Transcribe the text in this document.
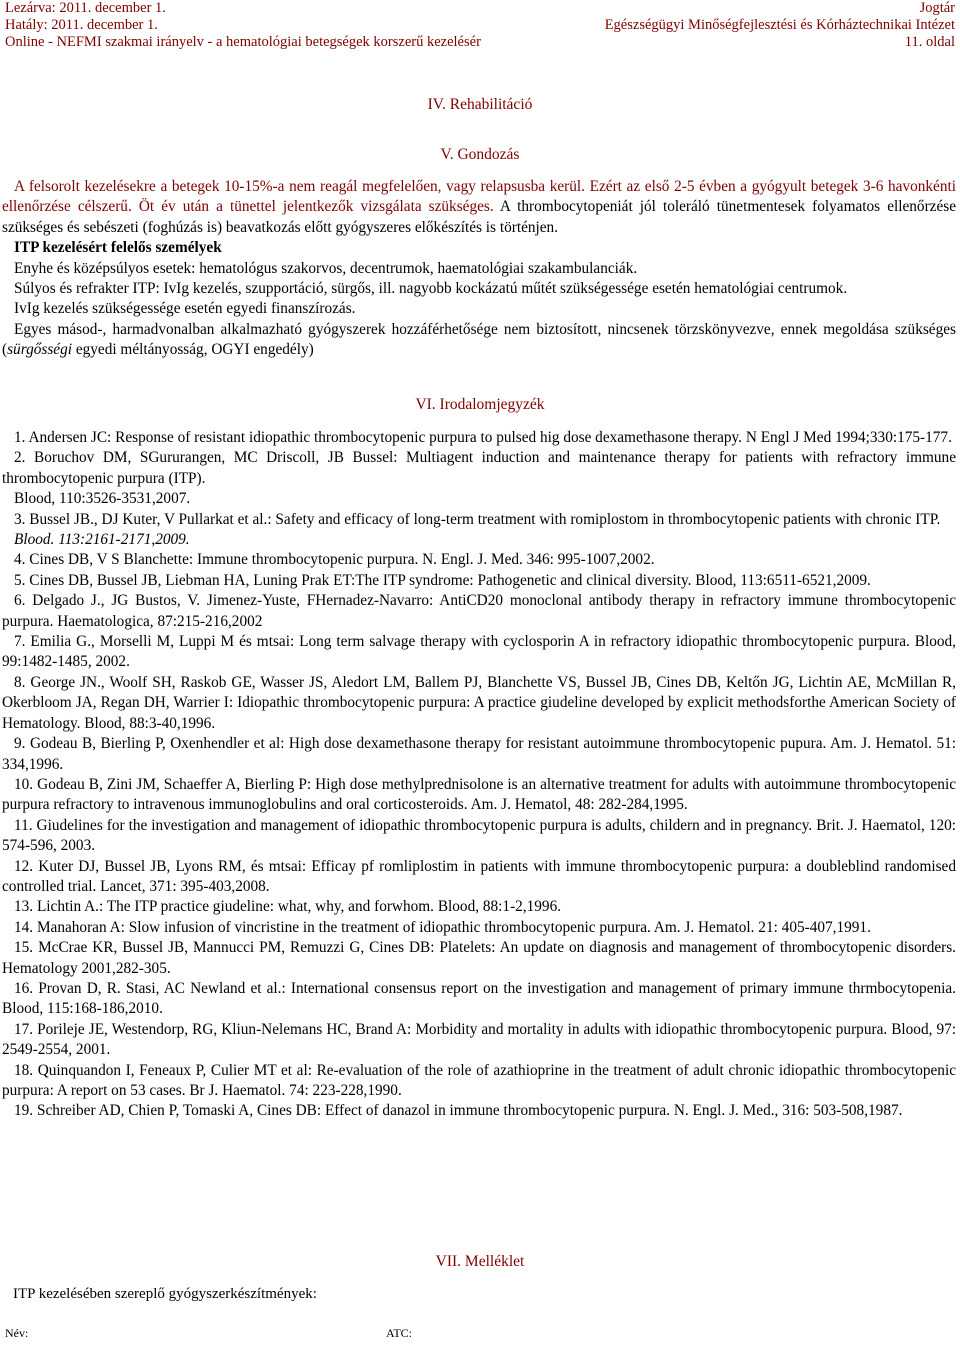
Lezárva: 2011. december 1.
Hatály: 2011. december 1.
Online - NEFMI szakmai irányelv - a hematológiai betegségek korszerű kezelésér
Jogtár
Egészségügyi Minőségfejlesztési és Kórháztechnikai Intézet
11. oldal
IV. Rehabilitáció
V. Gondozás

A felsorolt kezelésekre a betegek 10-15%-a nem reagál megfelelően, vagy relapsusba kerül. Ezért az első 2-5 évben a gyógyult betegek 3-6 havonkénti ellenőrzése célszerű. Öt év után a tünettel jelentkezők vizsgálata szükséges. A thrombocytopeniát jól toleráló tünetmentesek folyamatos ellenőrzése szükséges és sebészeti (foghúzás is) beavatkozás előtt gyógyszeres előkészítés is történjen.

ITP kezelésért felelős személyek

Enyhe és középsúlyos esetek: hematológus szakorvos, decentrumok, haematológiai szakambulanciák.

Súlyos és refrakter ITP: IvIg kezelés, szupportáció, sürgős, ill. nagyobb kockázatú műtét szükségessége esetén hematológiai centrumok.

IvIg kezelés szükségessége esetén egyedi finanszírozás.

Egyes másod-, harmadvonalban alkalmazható gyógyszerek hozzáférhetősége nem biztosított, nincsenek törzskönyvezve, ennek megoldása szükséges (sürgősségi egyedi méltányosság, OGYI engedély)

VI. Irodalomjegyzék

1. Andersen JC: Response of resistant idiopathic thrombocytopenic purpura to pulsed hig dose dexamethasone therapy. N Engl J Med 1994;330:175-177.

2. Boruchov DM, SGururangen, MC Driscoll, JB Bussel: Multiagent induction and maintenance therapy for patients with refractory immune thrombocytopenic purpura (ITP).

Blood, 110:3526-3531,2007.

3. Bussel JB., DJ Kuter, V Pullarkat et al.: Safety and efficacy of long-term treatment with romiplostom in thrombocytopenic patients with chronic ITP.

Blood. 113:2161-2171,2009.

4. Cines DB, V S Blanchette: Immune thrombocytopenic purpura. N. Engl. J. Med. 346: 995-1007,2002.

5. Cines DB, Bussel JB, Liebman HA, Luning Prak ET:The ITP syndrome: Pathogenetic and clinical diversity. Blood, 113:6511-6521,2009.

6. Delgado J., JG Bustos, V. Jimenez-Yuste, FHernadez-Navarro: AntiCD20 monoclonal antibody therapy in refractory immune thrombocytopenic purpura. Haematologica, 87:215-216,2002

7. Emilia G., Morselli M, Luppi M és mtsai: Long term salvage therapy with cyclosporin A in refractory idiopathic thrombocytopenic purpura. Blood, 99:1482-1485, 2002.

8. George JN., Woolf SH, Raskob GE, Wasser JS, Aledort LM, Ballem PJ, Blanchette VS, Bussel JB, Cines DB, Keltőn JG, Lichtin AE, McMillan R, Okerbloom JA, Regan DH, Warrier I: Idiopathic thrombocytopenic purpura: A practice giudeline developed by explicit methodsforthe American Society of Hematology. Blood, 88:3-40,1996.

9. Godeau B, Bierling P, Oxenhendler et al: High dose dexamethasone therapy for resistant autoimmune thrombocytopenic pupura. Am. J. Hematol. 51: 334,1996.

10. Godeau B, Zini JM, Schaeffer A, Bierling P: High dose methylprednisolone is an alternative treatment for adults with autoimmune thrombocytopenic purpura refractory to intravenous immunoglobulins and oral corticosteroids. Am. J. Hematol, 48: 282-284,1995.

11. Giudelines for the investigation and management of idiopathic thrombocytopenic purpura is adults, childern and in pregnancy. Brit. J. Haematol, 120: 574-596, 2003.

12. Kuter DJ, Bussel JB, Lyons RM, és mtsai: Efficay pf romliplostim in patients with immune thrombocytopenic purpura: a doubleblind randomised controlled trial. Lancet, 371: 395-403,2008.

13. Lichtin A.: The ITP practice giudeline: what, why, and forwhom. Blood, 88:1-2,1996.

14. Manahoran A: Slow infusion of vincristine in the treatment of idiopathic thrombocytopenic purpura. Am. J. Hematol. 21: 405-407,1991.

15. McCrae KR, Bussel JB, Mannucci PM, Remuzzi G, Cines DB: Platelets: An update on diagnosis and management of thrombocytopenic disorders. Hematology 2001,282-305.

16. Provan D, R. Stasi, AC Newland et al.: International consensus report on the investigation and management of primary immune thrmbocytopenia. Blood, 115:168-186,2010.

17. Porileje JE, Westendorp, RG, Kliun-Nelemans HC, Brand A: Morbidity and mortality in adults with idiopathic thrombocytopenic purpura. Blood, 97: 2549-2554, 2001.

18. Quinquandon I, Feneaux P, Culier MT et al: Re-evaluation of the role of azathioprine in the treatment of adult chronic idiopathic thrombocytopenic purpura: A report on 53 cases. Br J. Haematol. 74: 223-228,1990.

19. Schreiber AD, Chien P, Tomaski A, Cines DB: Effect of danazol in immune thrombocytopenic purpura. N. Engl. J. Med., 316: 503-508,1987.

VII. Melléklet
ITP kezelésében szereplő gyógyszerkészítmények:
Név:	ATC:
